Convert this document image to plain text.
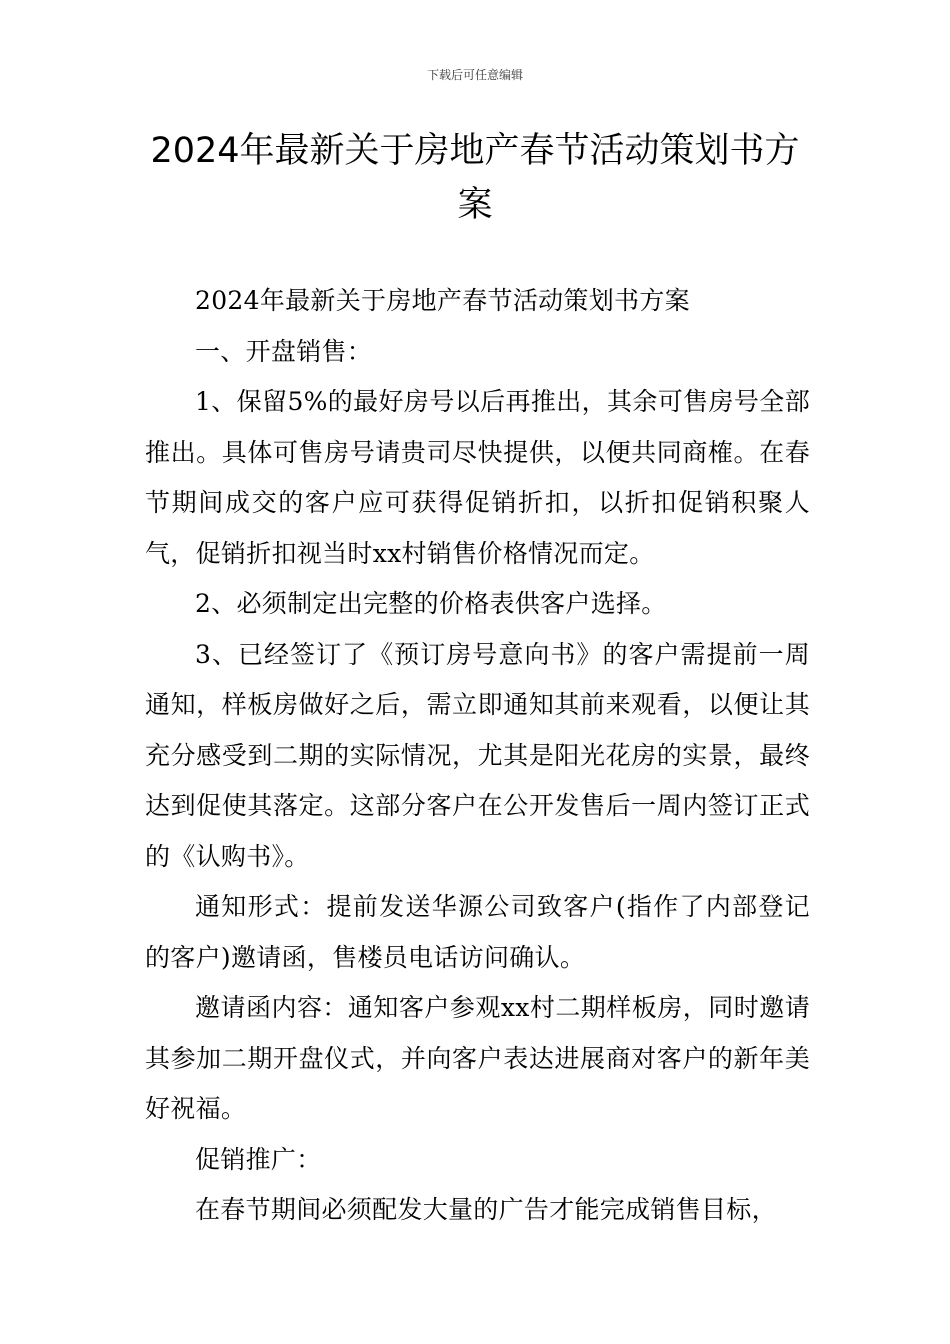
下载后可任意编辑
2024年最新关于房地产春节活动策划书方案

2024年最新关于房地产春节活动策划书方案

一、开盘销售：

1、保留5%的最好房号以后再推出，其余可售房号全部推出。具体可售房号请贵司尽快提供，以便共同商榷。在春节期间成交的客户应可获得促销折扣，以折扣促销积聚人气，促销折扣视当时xx村销售价格情况而定。

2、必须制定出完整的价格表供客户选择。

3、已经签订了《预订房号意向书》的客户需提前一周通知，样板房做好之后，需立即通知其前来观看，以便让其充分感受到二期的实际情况，尤其是阳光花房的实景，最终达到促使其落定。这部分客户在公开发售后一周内签订正式的《认购书》。

通知形式：提前发送华源公司致客户(指作了内部登记的客户)邀请函，售楼员电话访问确认。

邀请函内容：通知客户参观xx村二期样板房，同时邀请其参加二期开盘仪式，并向客户表达进展商对客户的新年美好祝福。

促销推广：

在春节期间必须配发大量的广告才能完成销售目标，
